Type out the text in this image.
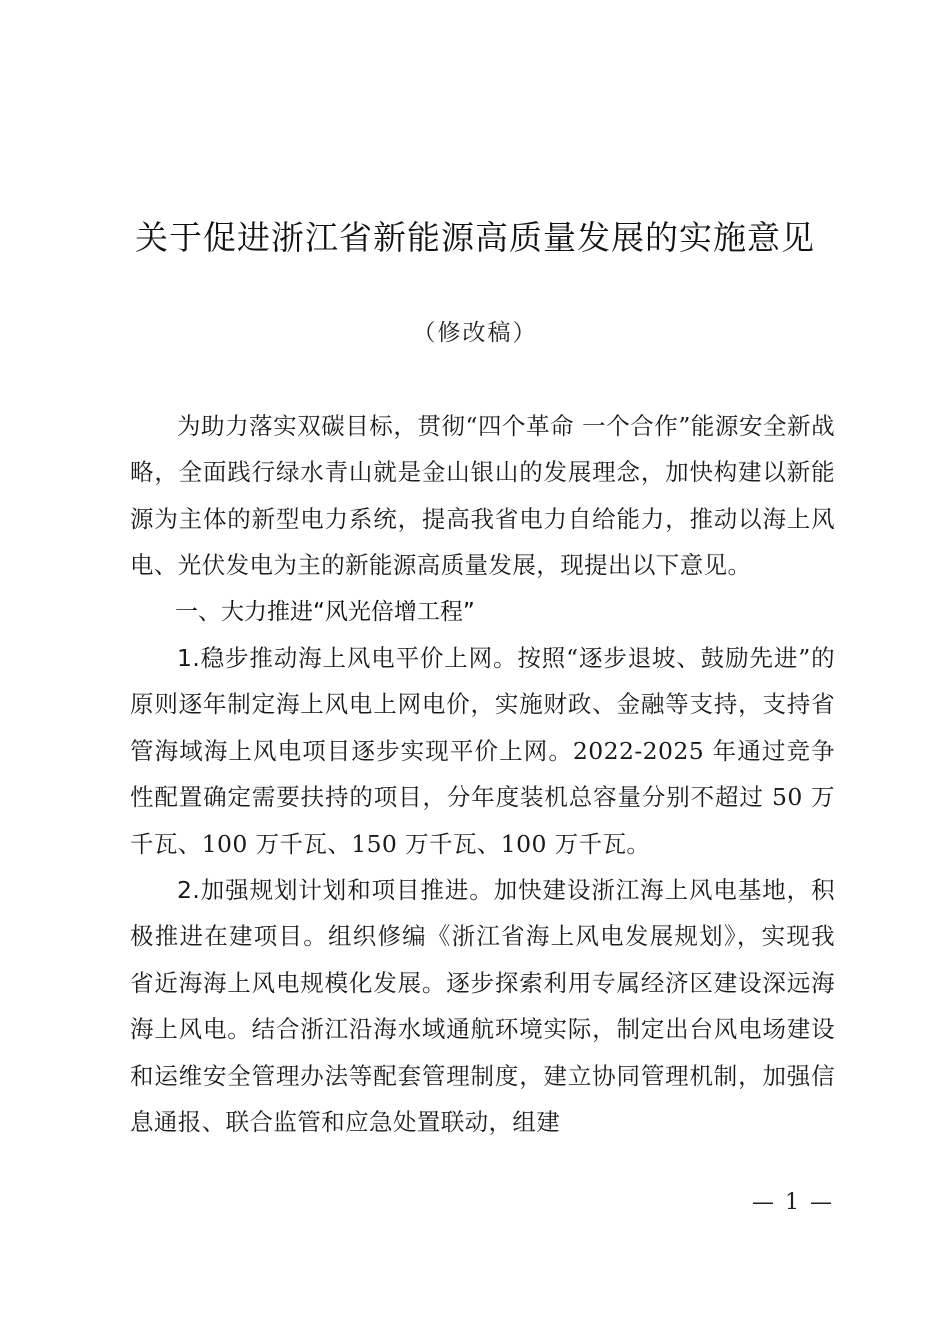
关于促进浙江省新能源高质量发展的实施意见
（修改稿）

为助力落实双碳目标，贯彻“四个革命 一个合作”能源安全新战略，全面践行绿水青山就是金山银山的发展理念，加快构建以新能源为主体的新型电力系统，提高我省电力自给能力，推动以海上风电、光伏发电为主的新能源高质量发展，现提出以下意见。

一、大力推进“风光倍增工程”

1.稳步推动海上风电平价上网。按照“逐步退坡、鼓励先进”的原则逐年制定海上风电上网电价，实施财政、金融等支持，支持省管海域海上风电项目逐步实现平价上网。2022-2025 年通过竞争性配置确定需要扶持的项目，分年度装机总容量分别不超过 50 万千瓦、100 万千瓦、150 万千瓦、100 万千瓦。

2.加强规划计划和项目推进。加快建设浙江海上风电基地，积极推进在建项目。组织修编《浙江省海上风电发展规划》，实现我省近海海上风电规模化发展。逐步探索利用专属经济区建设深远海海上风电。结合浙江沿海水域通航环境实际，制定出台风电场建设和运维安全管理办法等配套管理制度，建立协同管理机制，加强信息通报、联合监管和应急处置联动，组建

— 1 —
